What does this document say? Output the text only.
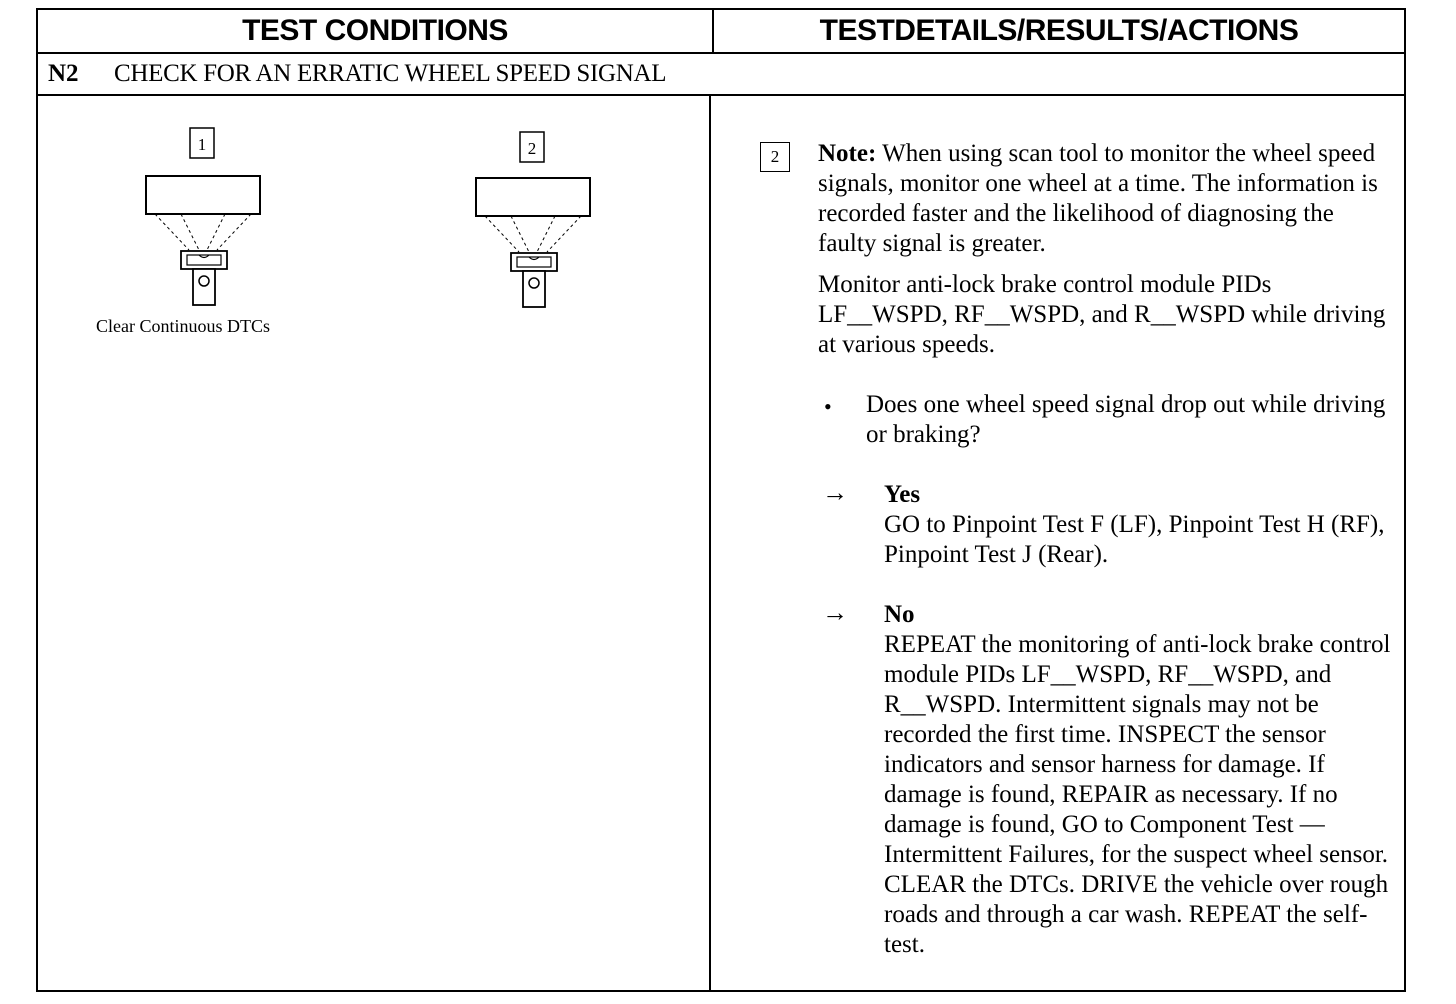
TEST CONDITIONS	TESTDETAILS/RESULTS/ACTIONS
N2 CHECK FOR AN ERRATIC WHEEL SPEED SIGNAL
1
Clear Continuous DTCs
2	2	Note: When using scan tool to monitor the wheel speed signals, monitor one wheel at a time. The information is recorded faster and the likelihood of diagnosing the faulty signal is greater.
Monitor anti-lock brake control module PIDs LF__WSPD, RF__WSPD, and R__WSPD while driving at various speeds.
• Does one wheel speed signal drop out while driving or braking?
→ Yes
GO to Pinpoint Test F (LF), Pinpoint Test H (RF), Pinpoint Test J (Rear).
→ No
REPEAT the monitoring of anti-lock brake control module PIDs LF__WSPD, RF__WSPD, and R__WSPD. Intermittent signals may not be recorded the first time. INSPECT the sensor indicators and sensor harness for damage. If damage is found, REPAIR as necessary. If no damage is found, GO to Component Test — Intermittent Failures, for the suspect wheel sensor. CLEAR the DTCs. DRIVE the vehicle over rough roads and through a car wash. REPEAT the self-test.
